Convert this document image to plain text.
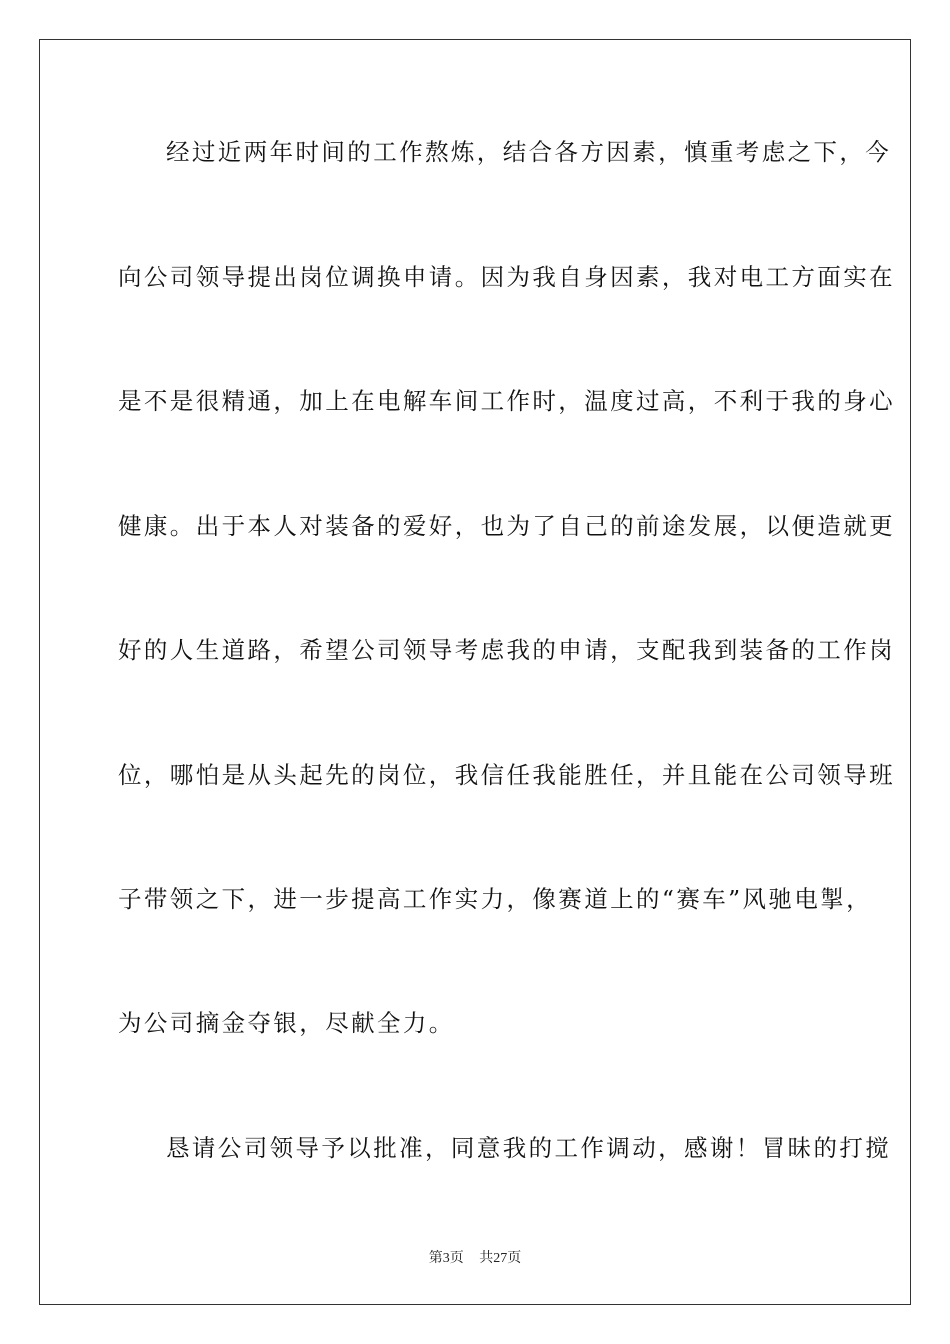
经过近两年时间的工作熬炼，结合各方因素，慎重考虑之下，今
向公司领导提出岗位调换申请。因为我自身因素，我对电工方面实在
是不是很精通，加上在电解车间工作时，温度过高，不利于我的身心
健康。出于本人对装备的爱好，也为了自己的前途发展，以便造就更
好的人生道路，希望公司领导考虑我的申请，支配我到装备的工作岗
位，哪怕是从头起先的岗位，我信任我能胜任，并且能在公司领导班
子带领之下，进一步提高工作实力，像赛道上的“赛车”风驰电掣，
为公司摘金夺银，尽献全力。
恳请公司领导予以批准，同意我的工作调动，感谢！冒昧的打搅
第3页 共27页
